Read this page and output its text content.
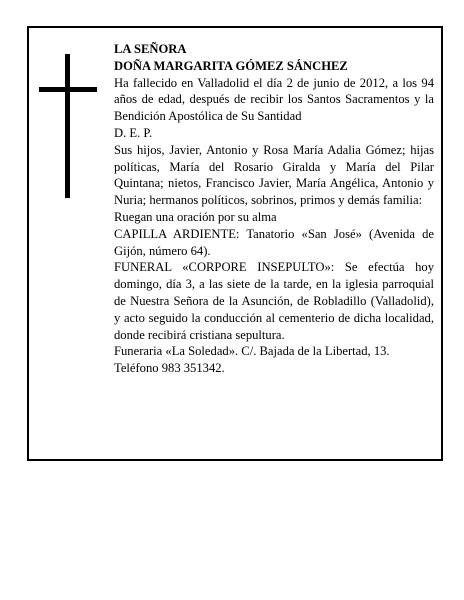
LA SEÑORA

DOÑA MARGARITA GÓMEZ SÁNCHEZ

Ha fallecido en Valladolid el día 2 de junio de 2012, a los 94 años de edad, después de recibir los Santos Sacramentos y la Bendición Apostólica de Su Santidad

D. E. P.

Sus hijos, Javier, Antonio y Rosa María Adalia Gómez; hijas políticas, María del Rosario Giralda y María del Pilar Quintana; nietos, Francisco Javier, María Angélica, Antonio y Nuria; hermanos políticos, sobrinos, primos y demás familia:

Ruegan una oración por su alma

CAPILLA ARDIENTE: Tanatorio «San José» (Avenida de Gijón, número 64).

FUNERAL «CORPORE INSEPULTO»: Se efectúa hoy domingo, día 3, a las siete de la tarde, en la iglesia parroquial de Nuestra Señora de la Asunción, de Robladillo (Valladolid), y acto seguido la conducción al cementerio de dicha localidad, donde recibirá cristiana sepultura.

Funeraria «La Soledad». C/. Bajada de la Libertad, 13. Teléfono 983 351342.
